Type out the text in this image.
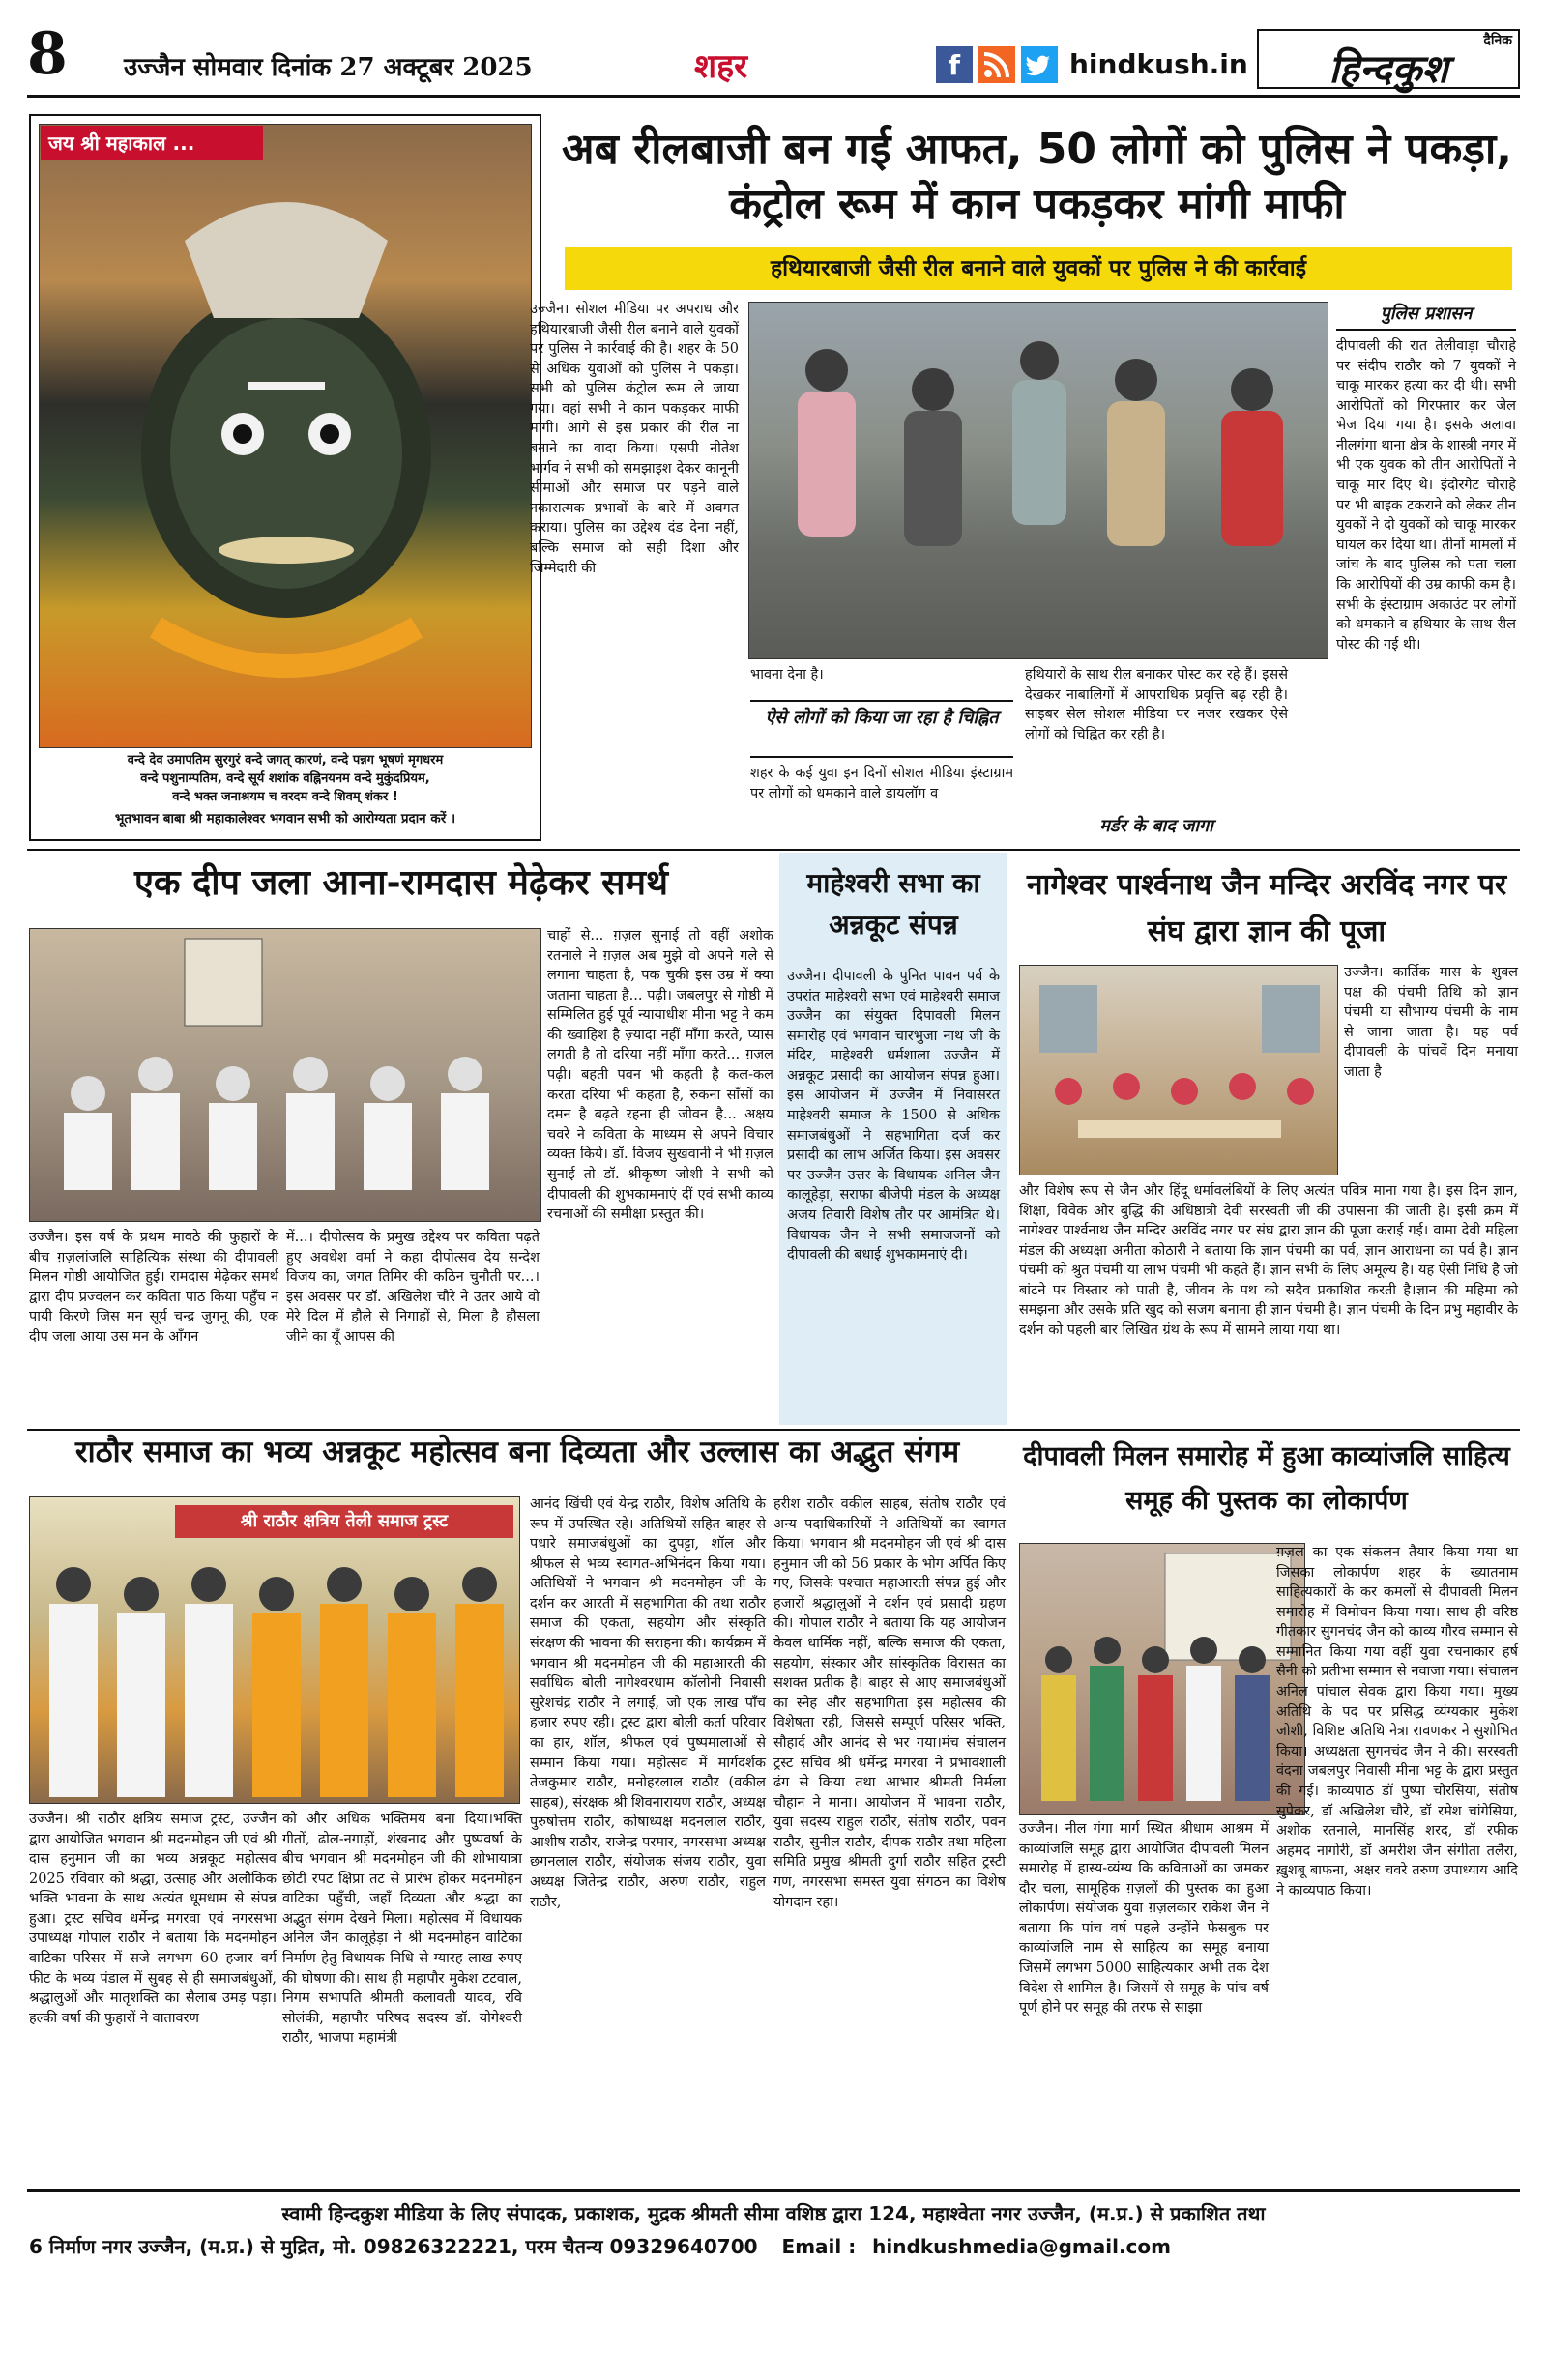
8	उज्जैन सोमवार दिनांक 27 अक्टूबर 2025	शहर	f	hindkush.in
दैनिक
हिन्दकुश
जय श्री महाकाल ...
वन्दे देव उमापतिम सुरगुरं वन्दे जगत् कारणं, वन्दे पन्नग भूषणं मृगधरम
वन्दे पशुनाम्पतिम, वन्दे सूर्य शशांक वह्निनयनम वन्दे मुकुंदप्रियम,
वन्दे भक्त जनाश्रयम च वरदम वन्दे शिवम् शंकर !
भूतभावन बाबा श्री महाकालेश्वर भगवान सभी को आरोग्यता प्रदान करें ।
अब रीलबाजी बन गई आफत, 50 लोगों को पुलिस ने पकड़ा, कंट्रोल रूम में कान पकड़कर मांगी माफी
हथियारबाजी जैसी रील बनाने वाले युवकों पर पुलिस ने की कार्रवाई
उज्जैन। सोशल मीडिया पर अपराध और हथियारबाजी जैसी रील बनाने वाले युवकों पर पुलिस ने कार्रवाई की है। शहर के 50 से अधिक युवाओं को पुलिस ने पकड़ा। सभी को पुलिस कंट्रोल रूम ले जाया गया। वहां सभी ने कान पकड़कर माफी मांगी। आगे से इस प्रकार की रील ना बनाने का वादा किया। एसपी नीतेश भार्गव ने सभी को समझाइश देकर कानूनी सीमाओं और समाज पर पड़ने वाले नकारात्मक प्रभावों के बारे में अवगत कराया। पुलिस का उद्देश्य दंड देना नहीं, बल्कि समाज को सही दिशा और जिम्मेदारी की
भावना देना है।
ऐसे लोगों को किया जा रहा है चिह्नित
शहर के कई युवा इन दिनों सोशल मीडिया इंस्टाग्राम पर लोगों को धमकाने वाले डायलॉग व
हथियारों के साथ रील बनाकर पोस्ट कर रहे हैं। इससे देखकर नाबालिगों में आपराधिक प्रवृत्ति बढ़ रही है। साइबर सेल सोशल मीडिया पर नजर रखकर ऐसे लोगों को चिह्नित कर रही है।
मर्डर के बाद जागा
पुलिस प्रशासन
दीपावली की रात तेलीवाड़ा चौराहे पर संदीप राठौर को 7 युवकों ने चाकू मारकर हत्या कर दी थी। सभी आरोपितों को गिरफ्तार कर जेल भेज दिया गया है। इसके अलावा नीलगंगा थाना क्षेत्र के शास्त्री नगर में भी एक युवक को तीन आरोपितों ने चाकू मार दिए थे। इंदौरगेट चौराहे पर भी बाइक टकराने को लेकर तीन युवकों ने दो युवकों को चाकू मारकर घायल कर दिया था। तीनों मामलों में जांच के बाद पुलिस को पता चला कि आरोपियों की उम्र काफी कम है। सभी के इंस्टाग्राम अकाउंट पर लोगों को धमकाने व हथियार के साथ रील पोस्ट की गई थी।
एक दीप जला आना-रामदास मेढ़ेकर समर्थ
चाहों से... ग़ज़ल सुनाई तो वहीं अशोक रतनाले ने ग़ज़ल अब मुझे वो अपने गले से लगाना चाहता है, पक चुकी इस उम्र में क्या जताना चाहता है... पढ़ी। जबलपुर से गोष्ठी में सम्मिलित हुई पूर्व न्यायाधीश मीना भट्ट ने कम की ख्वाहिश है ज़्यादा नहीं माँगा करते, प्यास लगती है तो दरिया नहीं माँगा करते... ग़ज़ल पढ़ी। बहती पवन भी कहती है कल-कल करता दरिया भी कहता है, रुकना साँसों का दमन है बढ़ते रहना ही जीवन है... अक्षय चवरे ने कविता के माध्यम से अपने विचार व्यक्त किये। डॉ. विजय सुखवानी ने भी ग़ज़ल सुनाई तो डॉ. श्रीकृष्ण जोशी ने सभी को दीपावली की शुभकामनाएं दीं एवं सभी काव्य रचनाओं की समीक्षा प्रस्तुत की।
उज्जैन। इस वर्ष के प्रथम मावठे की फुहारों के बीच ग़ज़लांजलि साहित्यिक संस्था की दीपावली मिलन गोष्ठी आयोजित हुई। रामदास मेढ़ेकर समर्थ द्वारा दीप प्रज्वलन कर कविता पाठ किया पहुँच न पायी किरणे जिस मन सूर्य चन्द्र जुगनू की, एक दीप जला आया उस मन के आँगन
में...। दीपोत्सव के प्रमुख उद्देश्य पर कविता पढ़ते हुए अवधेश वर्मा ने कहा दीपोत्सव देय सन्देश विजय का, जगत तिमिर की कठिन चुनौती पर...। इस अवसर पर डॉ. अखिलेश चौरे ने उतर आये वो मेरे दिल में हौले से निगाहों से, मिला है हौसला जीने का यूँ आपस की
माहेश्वरी सभा का अन्नकूट संपन्न
उज्जैन। दीपावली के पुनित पावन पर्व के उपरांत माहेश्वरी सभा एवं माहेश्वरी समाज उज्जैन का संयुक्त दिपावली मिलन समारोह एवं भगवान चारभुजा नाथ जी के मंदिर, माहेश्वरी धर्मशाला उज्जैन में अन्नकूट प्रसादी का आयोजन संपन्न हुआ। इस आयोजन में उज्जैन में निवासरत माहेश्वरी समाज के 1500 से अधिक समाजबंधुओं ने सहभागिता दर्ज कर प्रसादी का लाभ अर्जित किया। इस अवसर पर उज्जैन उत्तर के विधायक अनिल जैन कालूहेड़ा, सराफा बीजेपी मंडल के अध्यक्ष अजय तिवारी विशेष तौर पर आमंत्रित थे। विधायक जैन ने सभी समाजजनों को दीपावली की बधाई शुभकामनाएं दी।
नागेश्वर पार्श्वनाथ जैन मन्दिर अरविंद नगर पर संघ द्वारा ज्ञान की पूजा
उज्जैन। कार्तिक मास के शुक्ल पक्ष की पंचमी तिथि को ज्ञान पंचमी या सौभाग्य पंचमी के नाम से जाना जाता है। यह पर्व दीपावली के पांचवें दिन मनाया जाता है
और विशेष रूप से जैन और हिंदू धर्मावलंबियों के लिए अत्यंत पवित्र माना गया है। इस दिन ज्ञान, शिक्षा, विवेक और बुद्धि की अधिष्ठात्री देवी सरस्वती जी की उपासना की जाती है। इसी क्रम में नागेश्वर पार्श्वनाथ जैन मन्दिर अरविंद नगर पर संघ द्वारा ज्ञान की पूजा कराई गई। वामा देवी महिला मंडल की अध्यक्षा अनीता कोठारी ने बताया कि ज्ञान पंचमी का पर्व, ज्ञान आराधना का पर्व है। ज्ञान पंचमी को श्रुत पंचमी या लाभ पंचमी भी कहते हैं। ज्ञान सभी के लिए अमूल्य है। यह ऐसी निधि है जो बांटने पर विस्तार को पाती है, जीवन के पथ को सदैव प्रकाशित करती है।ज्ञान की महिमा को समझना और उसके प्रति खुद को सजग बनाना ही ज्ञान पंचमी है। ज्ञान पंचमी के दिन प्रभु महावीर के दर्शन को पहली बार लिखित ग्रंथ के रूप में सामने लाया गया था।
राठौर समाज का भव्य अन्नकूट महोत्सव बना दिव्यता और उल्लास का अद्भुत संगम
श्री राठौर क्षत्रिय तेली समाज ट्रस्ट
उज्जैन। श्री राठौर क्षत्रिय समाज ट्रस्ट, उज्जैन द्वारा आयोजित भगवान श्री मदनमोहन जी एवं श्री दास हनुमान जी का भव्य अन्नकूट महोत्सव 2025 रविवार को श्रद्धा, उत्साह और अलौकिक भक्ति भावना के साथ अत्यंत धूमधाम से संपन्न हुआ। ट्रस्ट सचिव धर्मेन्द्र मगरवा एवं नगरसभा उपाध्यक्ष गोपाल राठौर ने बताया कि मदनमोहन वाटिका परिसर में सजे लगभग 60 हजार वर्ग फीट के भव्य पंडाल में सुबह से ही समाजबंधुओं, श्रद्धालुओं और मातृशक्ति का सैलाब उमड़ पड़ा। हल्की वर्षा की फुहारों ने वातावरण
को और अधिक भक्तिमय बना दिया।भक्ति गीतों, ढोल-नगाड़ों, शंखनाद और पुष्पवर्षा के बीच भगवान श्री मदनमोहन जी की शोभायात्रा छोटी रपट क्षिप्रा तट से प्रारंभ होकर मदनमोहन वाटिका पहुँची, जहाँ दिव्यता और श्रद्धा का अद्भुत संगम देखने मिला। महोत्सव में विधायक अनिल जैन कालूहेड़ा ने श्री मदनमोहन वाटिका निर्माण हेतु विधायक निधि से ग्यारह लाख रुपए की घोषणा की। साथ ही महापौर मुकेश टटवाल, निगम सभापति श्रीमती कलावती यादव, रवि सोलंकी, महापौर परिषद सदस्य डॉ. योगेश्वरी राठौर, भाजपा महामंत्री
आनंद खिंची एवं येन्द्र राठौर, विशेष अतिथि के रूप में उपस्थित रहे। अतिथियों सहित बाहर से पधारे समाजबंधुओं का दुपट्टा, शॉल और श्रीफल से भव्य स्वागत-अभिनंदन किया गया। अतिथियों ने भगवान श्री मदनमोहन जी के दर्शन कर आरती में सहभागिता की तथा राठौर समाज की एकता, सहयोग और संस्कृति संरक्षण की भावना की सराहना की। कार्यक्रम में भगवान श्री मदनमोहन जी की महाआरती की सर्वाधिक बोली नागेश्वरधाम कॉलोनी निवासी सुरेशचंद्र राठौर ने लगाई, जो एक लाख पाँच हजार रुपए रही। ट्रस्ट द्वारा बोली कर्ता परिवार का हार, शॉल, श्रीफल एवं पुष्पमालाओं से सम्मान किया गया। महोत्सव में मार्गदर्शक तेजकुमार राठौर, मनोहरलाल राठौर (वकील साहब), संरक्षक श्री शिवनारायण राठौर, अध्यक्ष पुरुषोत्तम राठौर, कोषाध्यक्ष मदनलाल राठौर, आशीष राठौर, राजेन्द्र परमार, नगरसभा अध्यक्ष छगनलाल राठौर, संयोजक संजय राठौर, युवा अध्यक्ष जितेन्द्र राठौर, अरुण राठौर, राहुल राठौर,
हरीश राठौर वकील साहब, संतोष राठौर एवं अन्य पदाधिकारियों ने अतिथियों का स्वागत किया। भगवान श्री मदनमोहन जी एवं श्री दास हनुमान जी को 56 प्रकार के भोग अर्पित किए गए, जिसके पश्चात महाआरती संपन्न हुई और हजारों श्रद्धालुओं ने दर्शन एवं प्रसादी ग्रहण की। गोपाल राठौर ने बताया कि यह आयोजन केवल धार्मिक नहीं, बल्कि समाज की एकता, सहयोग, संस्कार और सांस्कृतिक विरासत का सशक्त प्रतीक है। बाहर से आए समाजबंधुओं का स्नेह और सहभागिता इस महोत्सव की विशेषता रही, जिससे सम्पूर्ण परिसर भक्ति, सौहार्द और आनंद से भर गया।मंच संचालन ट्रस्ट सचिव श्री धर्मेन्द्र मगरवा ने प्रभावशाली ढंग से किया तथा आभार श्रीमती निर्मला चौहान ने माना। आयोजन में भावना राठौर, युवा सदस्य राहुल राठौर, संतोष राठौर, पवन राठौर, सुनील राठौर, दीपक राठौर तथा महिला समिति प्रमुख श्रीमती दुर्गा राठौर सहित ट्रस्टी गण, नगरसभा समस्त युवा संगठन का विशेष योगदान रहा।
दीपावली मिलन समारोह में हुआ काव्यांजलि साहित्य समूह की पुस्तक का लोकार्पण
उज्जैन। नील गंगा मार्ग स्थित श्रीधाम आश्रम में काव्यांजलि समूह द्वारा आयोजित दीपावली मिलन समारोह में हास्य-व्यंग्य कि कविताओं का जमकर दौर चला, सामूहिक ग़ज़लों की पुस्तक का हुआ लोकार्पण। संयोजक युवा ग़ज़लकार राकेश जैन ने बताया कि पांच वर्ष पहले उन्होंने फेसबुक पर काव्यांजलि नाम से साहित्य का समूह बनाया जिसमें लगभग 5000 साहित्यकार अभी तक देश विदेश से शामिल है। जिसमें से समूह के पांच वर्ष पूर्ण होने पर समूह की तरफ से साझा
ग़ज़ल का एक संकलन तैयार किया गया था जिसका लोकार्पण शहर के ख्यातनाम साहित्यकारों के कर कमलों से दीपावली मिलन समारोह में विमोचन किया गया। साथ ही वरिष्ठ गीतकार सुगनचंद जैन को काव्य गौरव सम्मान से सम्मानित किया गया वहीं युवा रचनाकार हर्ष सैनी को प्रतीभा सम्मान से नवाजा गया। संचालन अनिल पांचाल सेवक द्वारा किया गया। मुख्य अतिथि के पद पर प्रसिद्ध व्यंग्यकार मुकेश जोशी, विशिष्ट अतिथि नेत्रा रावणकर ने सुशोभित किया। अध्यक्षता सुगनचंद जैन ने की। सरस्वती वंदना जबलपुर निवासी मीना भट्ट के द्वारा प्रस्तुत की गई। काव्यपाठ डॉ पुष्पा चौरसिया, संतोष सुपेकर, डॉ अखिलेश चौरे, डॉ रमेश चांगेसिया, अशोक रतनाले, मानसिंह शरद, डॉ रफीक अहमद नागोरी, डॉ अमरीश जैन संगीता तलैरा, ख़ुशबू बाफना, अक्षर चवरे तरुण उपाध्याय आदि ने काव्यपाठ किया।
स्वामी हिन्दकुश मीडिया के लिए संपादक, प्रकाशक, मुद्रक श्रीमती सीमा वशिष्ठ द्वारा 124, महाश्वेता नगर उज्जैन, (म.प्र.) से प्रकाशित तथा
6 निर्माण नगर उज्जैन, (म.प्र.) से मुद्रित, मो. 09826322221, परम चैतन्य 09329640700 Email : hindkushmedia@gmail.com
